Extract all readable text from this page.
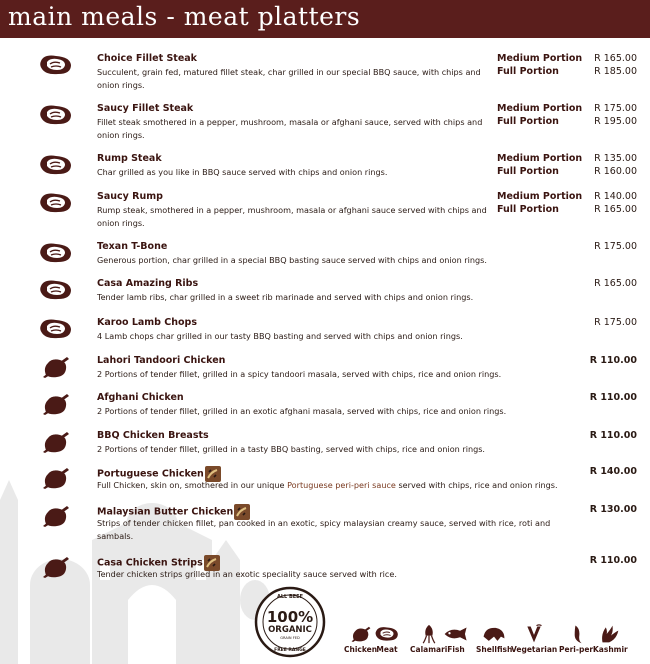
main meals - meat platters
Choice Fillet Steak
Succulent, grain fed, matured fillet steak, char grilled in our special BBQ sauce, with chips and onion rings.
Medium Portion	R 165.00
Full Portion	R 185.00
Saucy Fillet Steak
Fillet steak smothered in a pepper, mushroom, masala or afghani sauce, served with chips and onion rings.
Medium Portion	R 175.00
Full Portion	R 195.00
Rump Steak
Char grilled as you like in BBQ sauce served with chips and onion rings.
Medium Portion	R 135.00
Full Portion	R 160.00
Saucy Rump
Rump steak, smothered in a pepper, mushroom, masala or afghani sauce served with chips and onion rings.
Medium Portion	R 140.00
Full Portion	R 165.00
Texan T-Bone
Generous portion, char grilled in a special BBQ basting sauce served with chips and onion rings.
R 175.00
Casa Amazing Ribs
Tender lamb ribs, char grilled in a sweet rib marinade and served with chips and onion rings.
R 165.00
Karoo Lamb Chops
4 Lamb chops char grilled in our tasty BBQ basting and served with chips and onion rings.
R 175.00
Lahori Tandoori Chicken
2 Portions of tender fillet, grilled in a spicy tandoori masala, served with chips, rice and onion rings.
R 110.00
Afghani Chicken
2 Portions of tender fillet, grilled in an exotic afghani masala, served with chips, rice and onion rings.
R 110.00
BBQ Chicken Breasts
2 Portions of tender fillet, grilled in a tasty BBQ basting, served with chips, rice and onion rings.
R 110.00
Portuguese Chicken
Full Chicken, skin on, smothered in our unique Portuguese peri-peri sauce served with chips, rice and onion rings.
R 140.00
Malaysian Butter Chicken
Strips of tender chicken fillet, pan cooked in an exotic, spicy malaysian creamy sauce, served with rice, roti and sambals.
R 130.00
Casa Chicken Strips
Tender chicken strips grilled in an exotic speciality sauce served with rice.
R 110.00
ALL BEEF
100%
ORGANIC
GRAIN FED
FREE RANGE	Chicken Meat	Calamari Fish	Shellfish
Vegetarian Peri-peri
Kashmir
